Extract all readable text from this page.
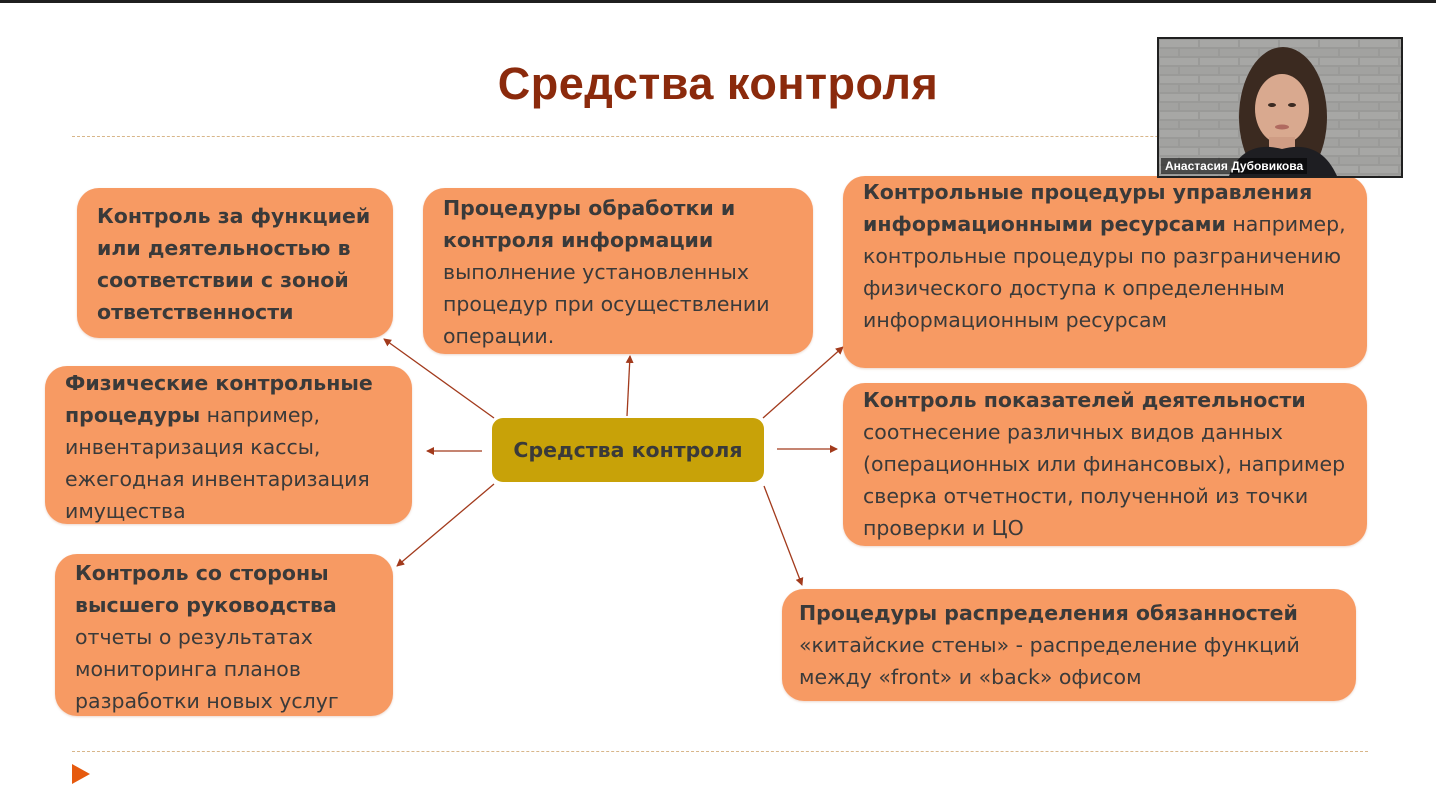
Средства контроля
Контроль за функцией или деятельностью в соответствии с зоной ответственности
Процедуры обработки и контроля информации выполнение установленных процедур при осуществлении операции.
Контрольные процедуры управления информационными ресурсами например, контрольные процедуры по разграничению физического доступа к определенным информационным ресурсам
Физические контрольные процедуры например, инвентаризация кассы, ежегодная инвентаризация имущества
Средства контроля
Контроль показателей деятельности соотнесение различных видов данных (операционных или финансовых), например сверка отчетности, полученной из точки проверки и ЦО
Контроль со стороны высшего руководства отчеты о результатах мониторинга планов разработки новых услуг
Процедуры распределения обязанностей «китайские стены» - распределение функций между «front» и «back» офисом
Анастасия Дубовикова
